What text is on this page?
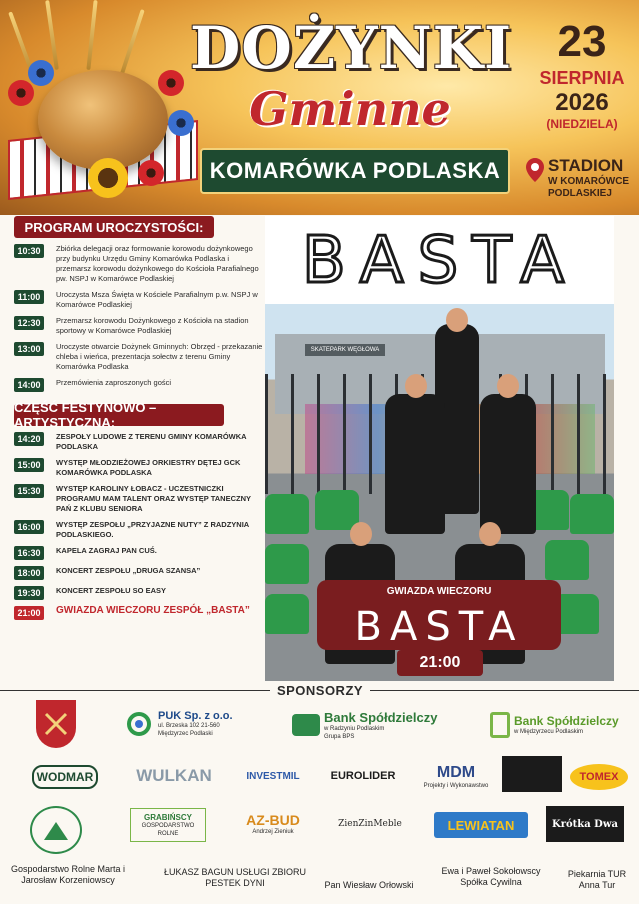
DOŻYNKI
Gminne
KOMARÓWKA PODLASKA
23
SIERPNIA
2026
(NIEDZIELA)
STADION
W KOMARÓWCE PODLASKIEJ
PROGRAM UROCZYSTOŚCI:
10:30	Zbiórka delegacji oraz formowanie korowodu dożynkowego przy budynku Urzędu Gminy Komarówka Podlaska i przemarsz korowodu dożynkowego do Kościoła Parafialnego pw. NSPJ w Komarówce Podlaskiej
11:00	Uroczysta Msza Święta w Kościele Parafialnym p.w. NSPJ w Komarówce Podlaskiej
12:30	Przemarsz korowodu Dożynkowego z Kościoła na stadion sportowy w Komarówce Podlaskiej
13:00	Uroczyste otwarcie Dożynek Gminnych: Obrzęd - przekazanie chleba i wieńca, prezentacja sołectw z terenu Gminy Komarówka Podlaska
14:00	Przemówienia zaproszonych gości
CZĘŚĆ FESTYNOWO – ARTYSTYCZNA:
14:20	ZESPOŁY LUDOWE Z TERENU GMINY KOMARÓWKA PODLASKA
15:00	WYSTĘP MŁODZIEŻOWEJ ORKIESTRY DĘTEJ GCK KOMARÓWKA PODLASKA
15:30	WYSTĘP KAROLINY ŁOBACZ - UCZESTNICZKI PROGRAMU MAM TALENT ORAZ WYSTĘP TANECZNY PAŃ Z KLUBU SENIORA
16:00	WYSTĘP ZESPOŁU „PRZYJAZNE NUTY” Z RADZYNIA PODLASKIEGO.
16:30	KAPELA ZAGRAJ PAN CUŚ.
18:00	KONCERT ZESPOŁU „DRUGA SZANSA”
19:30	KONCERT ZESPOŁU SO EASY
21:00	GWIAZDA WIECZORU ZESPÓŁ „BASTA”
BASTA
SKATEPARK WĘGŁOWA
GWIAZDA WIECZORU
BASTA
21:00
SPONSORZY
PUK Sp. z o.o.
ul. Brzeska 102 21-560 Międzyrzec Podlaski
Bank Spółdzielczy
w Radzyniu Podlaskim
Grupa BPS
Bank Spółdzielczy
w Międzyrzecu Podlaskim
WODMAR	WULKAN	INVESTMIL	EUROLIDER	MDM
Projekty i Wykonawstwo
TOMEX
GRABIŃSCY
GOSPODARSTWO ROLNE
AZ-BUD
Andrzej Zieniuk
ZienZinMeble	LEWIATAN	Krótka Dwa
Gospodarstwo Rolne Marta i Jarosław Korzeniowscy
ŁUKASZ BAGUN USŁUGI ZBIORU PESTEK DYNI	Pan Wiesław Orłowski
Ewa i Paweł Sokołowscy Spółka Cywilna
Piekarnia TUR Anna Tur
